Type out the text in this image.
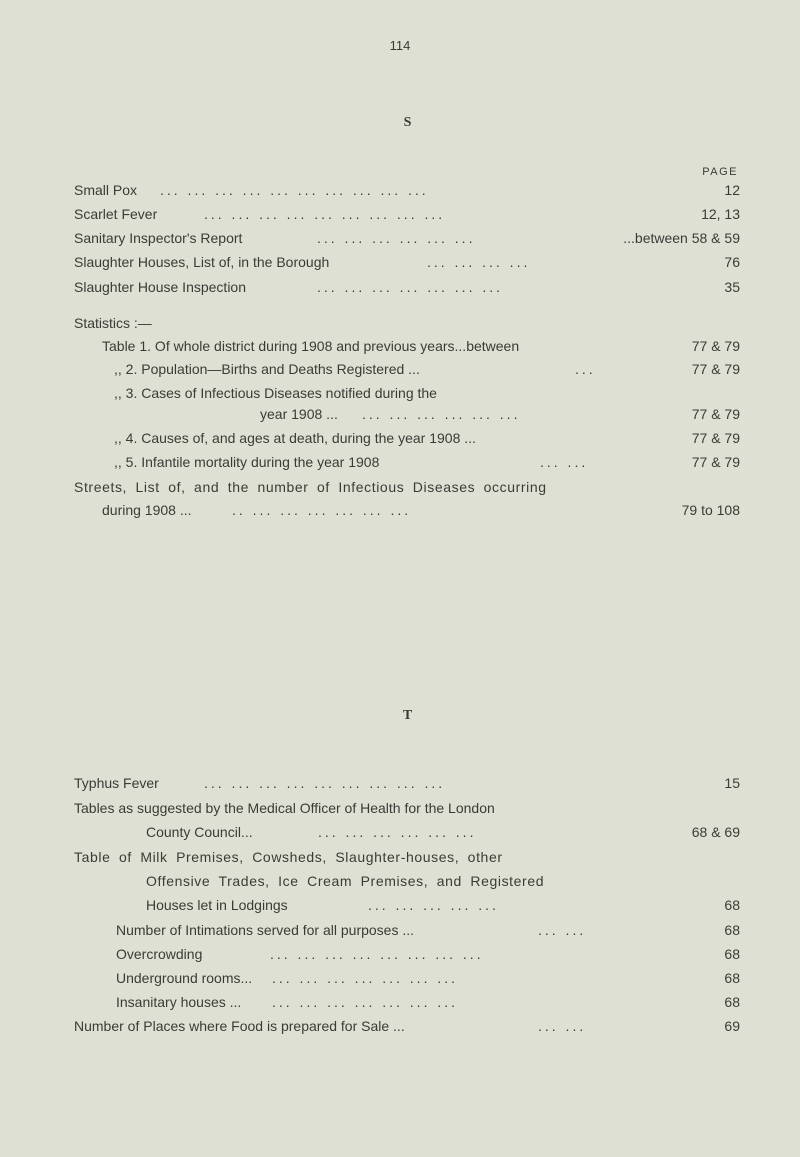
114
S
PAGE
Small Pox ... ... ... ... ... ... ... ... ... ...	12
Scarlet Fever	... ... ... ... ... ... ... ... ...	12, 13
Sanitary Inspector's Report	... ... ... ... ... ...	...between 58 & 59
Slaughter Houses, List of, in the Borough	... ... ... ...	76
Slaughter House Inspection	... ... ... ... ... ... ...	35
Statistics :—
Table 1. Of whole district during 1908 and previous years...between	77 & 79
,, 2. Population—Births and Deaths Registered ...	...	77 & 79
,, 3. Cases of Infectious Diseases notified during the
year 1908 ... ... ... ... ... ... ...	77 & 79
,, 4. Causes of, and ages at death, during the year 1908 ...	77 & 79
,, 5. Infantile mortality during the year 1908	... ...	77 & 79
Streets, List of, and the number of Infectious Diseases occurring
during 1908 ...	.. ... ... ... ... ... ...	79 to 108
T
Typhus Fever	... ... ... ... ... ... ... ... ...	15
Tables as suggested by the Medical Officer of Health for the London
County Council...	... ... ... ... ... ...	68 & 69
Table of Milk Premises, Cowsheds, Slaughter-houses, other
Offensive Trades, Ice Cream Premises, and Registered
Houses let in Lodgings	... ... ... ... ...	68
Number of Intimations served for all purposes ...	... ...	68
Overcrowding	... ... ... ... ... ... ... ...	68
Underground rooms... ... ... ... ... ... ... ...	68
Insanitary houses ... ... ... ... ... ... ... ...	68
Number of Places where Food is prepared for Sale ...	... ...	69
